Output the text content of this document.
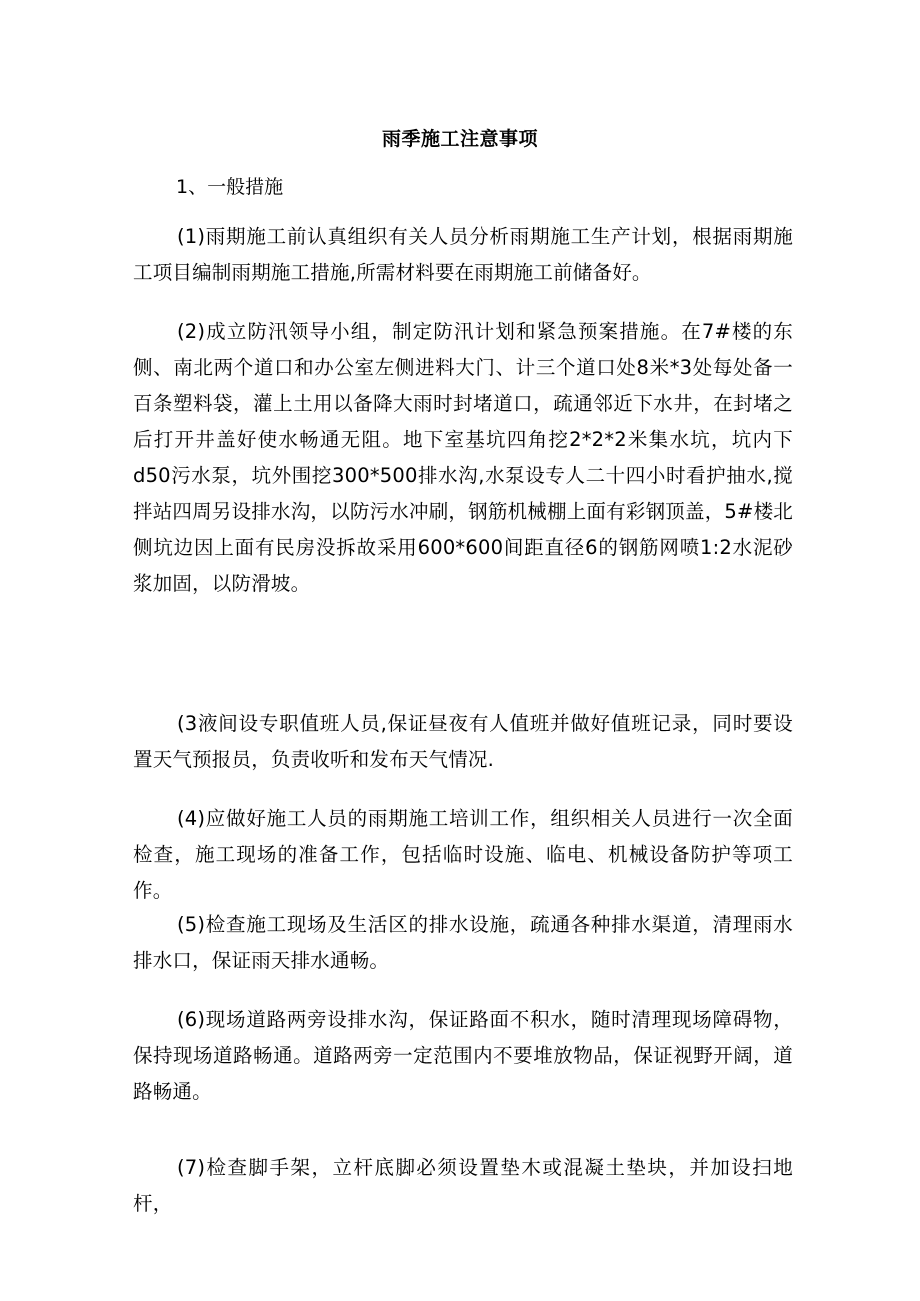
雨季施工注意事项
1、一般措施

(1)雨期施工前认真组织有关人员分析雨期施工生产计划，根据雨期施工项目编制雨期施工措施,所需材料要在雨期施工前储备好。

(2)成立防汛领导小组，制定防汛计划和紧急预案措施。在7#楼的东侧、南北两个道口和办公室左侧进料大门、计三个道口处8米*3处每处备一百条塑料袋，灌上土用以备降大雨时封堵道口，疏通邻近下水井，在封堵之后打开井盖好使水畅通无阻。地下室基坑四角挖2*2*2米集水坑，坑内下d50污水泵，坑外围挖300*500排水沟,水泵设专人二十四小时看护抽水,搅拌站四周另设排水沟，以防污水冲刷，钢筋机械棚上面有彩钢顶盖，5#楼北侧坑边因上面有民房没拆故采用600*600间距直径6的钢筋网喷1:2水泥砂浆加固，以防滑坡。

(3液间设专职值班人员,保证昼夜有人值班并做好值班记录，同时要设置天气预报员，负责收听和发布天气情况.

(4)应做好施工人员的雨期施工培训工作，组织相关人员进行一次全面检查，施工现场的准备工作，包括临时设施、临电、机械设备防护等项工作。

(5)检查施工现场及生活区的排水设施，疏通各种排水渠道，清理雨水排水口，保证雨天排水通畅。

(6)现场道路两旁设排水沟，保证路面不积水，随时清理现场障碍物，保持现场道路畅通。道路两旁一定范围内不要堆放物品，保证视野开阔，道路畅通。

(7)检查脚手架，立杆底脚必须设置垫木或混凝土垫块，并加设扫地杆，
